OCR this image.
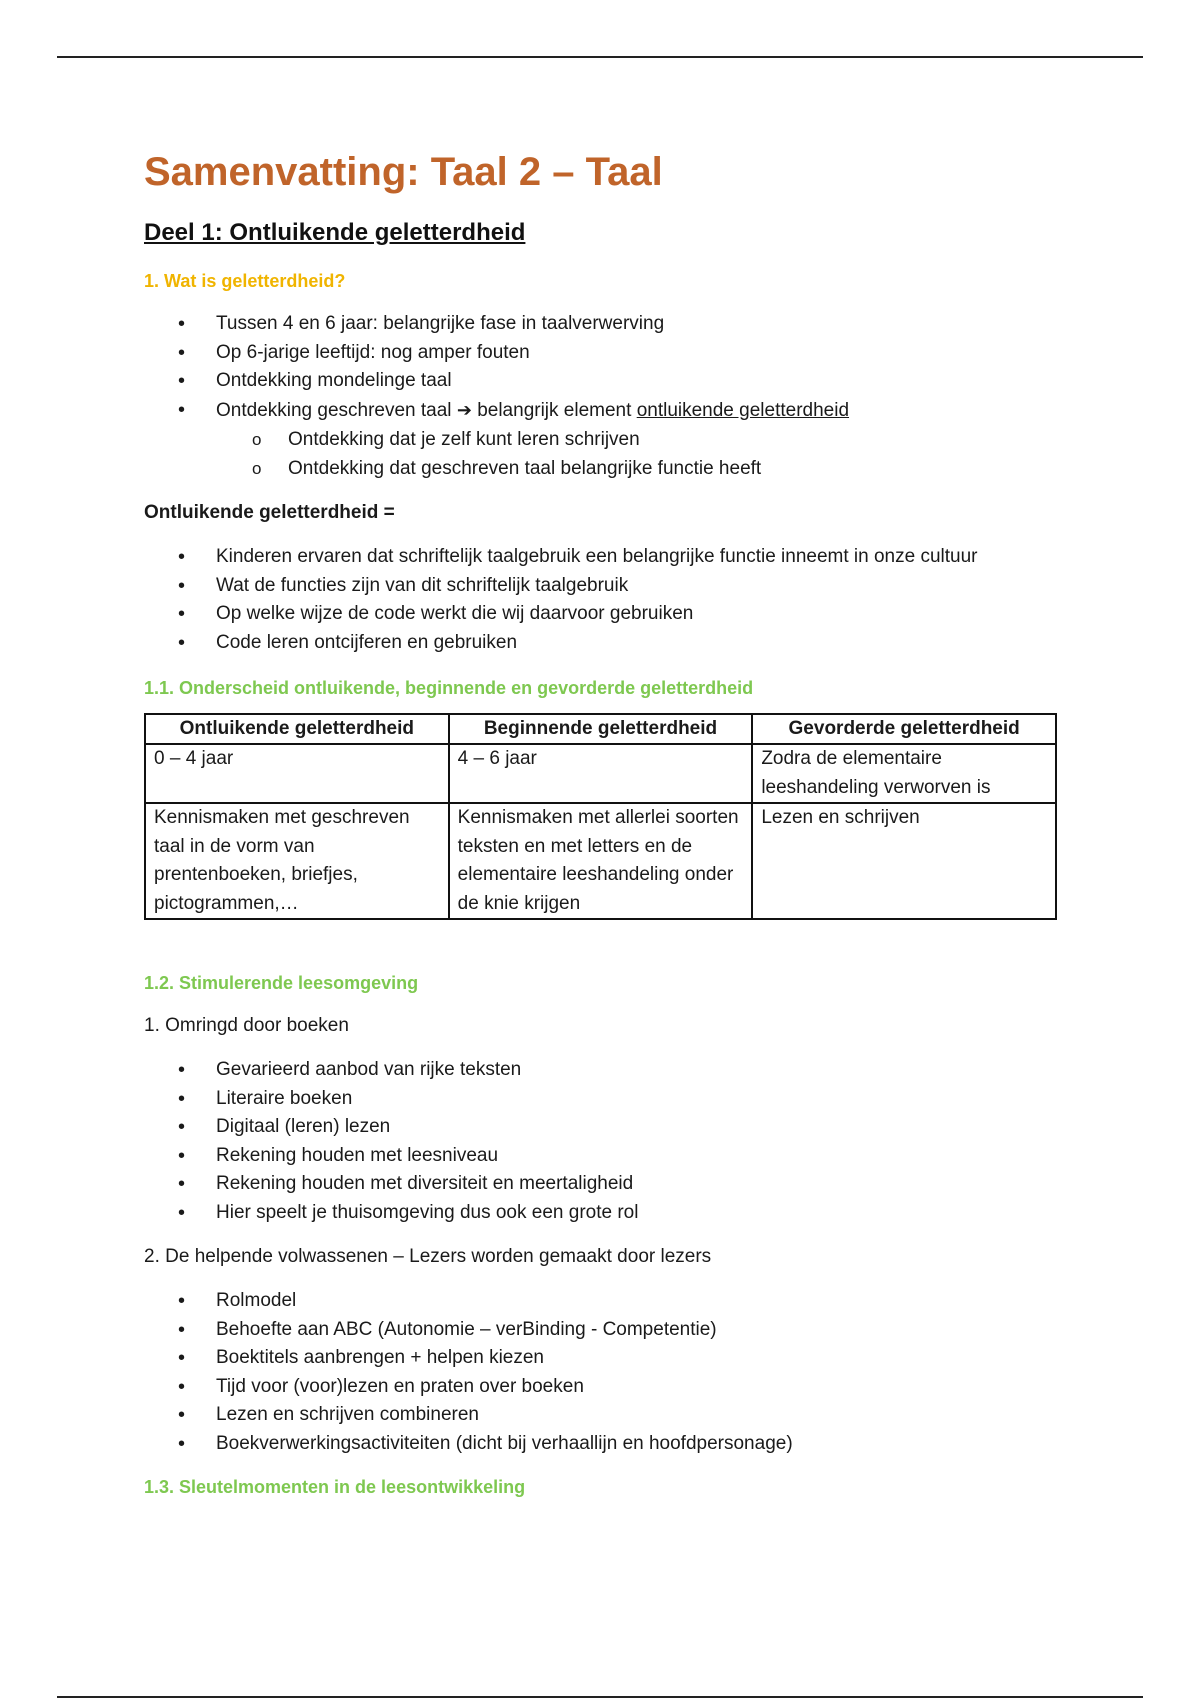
Samenvatting: Taal 2 – Taal
Deel 1: Ontluikende geletterdheid
1. Wat is geletterdheid?
• Tussen 4 en 6 jaar: belangrijke fase in taalverwerving
• Op 6-jarige leeftijd: nog amper fouten
• Ontdekking mondelinge taal
• Ontdekking geschreven taal ➔ belangrijk element ontluikende geletterdheid
o Ontdekking dat je zelf kunt leren schrijven
o Ontdekking dat geschreven taal belangrijke functie heeft

Ontluikende geletterdheid =

• Kinderen ervaren dat schriftelijk taalgebruik een belangrijke functie inneemt in onze cultuur
• Wat de functies zijn van dit schriftelijk taalgebruik
• Op welke wijze de code werkt die wij daarvoor gebruiken
• Code leren ontcijferen en gebruiken
1.1. Onderscheid ontluikende, beginnende en gevorderde geletterdheid
Ontluikende geletterdheid	Beginnende geletterdheid	Gevorderde geletterdheid
0 – 4 jaar	4 – 6 jaar	Zodra de elementaire leeshandeling verworven is
Kennismaken met geschreven taal in de vorm van prentenboeken, briefjes, pictogrammen,…	Kennismaken met allerlei soorten teksten en met letters en de elementaire leeshandeling onder de knie krijgen	Lezen en schrijven
1.2. Stimulerende leesomgeving

1. Omringd door boeken

• Gevarieerd aanbod van rijke teksten
• Literaire boeken
• Digitaal (leren) lezen
• Rekening houden met leesniveau
• Rekening houden met diversiteit en meertaligheid
• Hier speelt je thuisomgeving dus ook een grote rol

2. De helpende volwassenen – Lezers worden gemaakt door lezers

• Rolmodel
• Behoefte aan ABC (Autonomie – verBinding - Competentie)
• Boektitels aanbrengen + helpen kiezen
• Tijd voor (voor)lezen en praten over boeken
• Lezen en schrijven combineren
• Boekverwerkingsactiviteiten (dicht bij verhaallijn en hoofdpersonage)
1.3. Sleutelmomenten in de leesontwikkeling
